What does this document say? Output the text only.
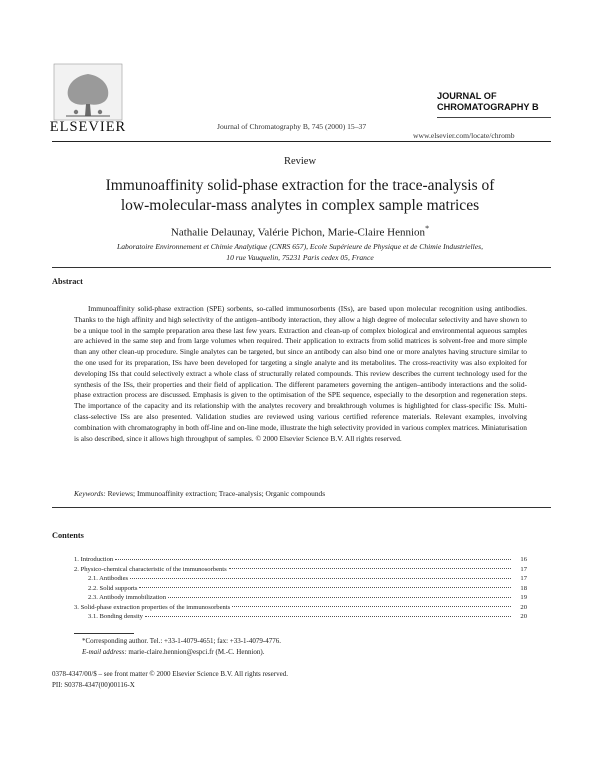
ELSEVIER	Journal of Chromatography B, 745 (2000) 15–37
JOURNAL OF
CHROMATOGRAPHY B
www.elsevier.com/locate/chromb
Review
Immunoaffinity solid-phase extraction for the trace-analysis of
low-molecular-mass analytes in complex sample matrices
Nathalie Delaunay, Valérie Pichon, Marie-Claire Hennion*
Laboratoire Environnement et Chimie Analytique (CNRS 657), Ecole Supérieure de Physique et de Chimie Industrielles,
10 rue Vauquelin, 75231 Paris cedex 05, France
Abstract
Immunoaffinity solid-phase extraction (SPE) sorbents, so-called immunosorbents (ISs), are based upon molecular recognition using antibodies. Thanks to the high affinity and high selectivity of the antigen–antibody interaction, they allow a high degree of molecular selectivity and have shown to be a unique tool in the sample preparation area these last few years. Extraction and clean-up of complex biological and environmental aqueous samples are achieved in the same step and from large volumes when required. Their application to extracts from solid matrices is solvent-free and more simple than any other clean-up procedure. Single analytes can be targeted, but since an antibody can also bind one or more analytes having structure similar to the one used for its preparation, ISs have been developed for targeting a single analyte and its metabolites. The cross-reactivity was also exploited for developing ISs that could selectively extract a whole class of structurally related compounds. This review describes the current technology used for the synthesis of the ISs, their properties and their field of application. The different parameters governing the antigen–antibody interactions and the solid-phase extraction process are discussed. Emphasis is given to the optimisation of the SPE sequence, especially to the desorption and regeneration steps. The importance of the capacity and its relationship with the analytes recovery and breakthrough volumes is highlighted for class-specific ISs. Multi-class-selective ISs are also presented. Validation studies are reviewed using various certified reference materials. Relevant examples, involving combination with chromatography in both off-line and on-line mode, illustrate the high selectivity provided in various complex matrices. Miniaturisation is also described, since it allows high throughput of samples. © 2000 Elsevier Science B.V. All rights reserved.
Keywords: Reviews; Immunoaffinity extraction; Trace-analysis; Organic compounds
Contents
1. Introduction	16
2. Physico-chemical characteristic of the immunosorbents	17
2.1. Antibodies	17
2.2. Solid supports	18
2.3. Antibody immobilization	19
3. Solid-phase extraction properties of the immunosorbents	20
3.1. Bonding density	20
*Corresponding author. Tel.: +33-1-4079-4651; fax: +33-1-4079-4776.
E-mail address: marie-claire.hennion@espci.fr (M.-C. Hennion).
0378-4347/00/$ – see front matter © 2000 Elsevier Science B.V. All rights reserved.
PII: S0378-4347(00)00116-X
